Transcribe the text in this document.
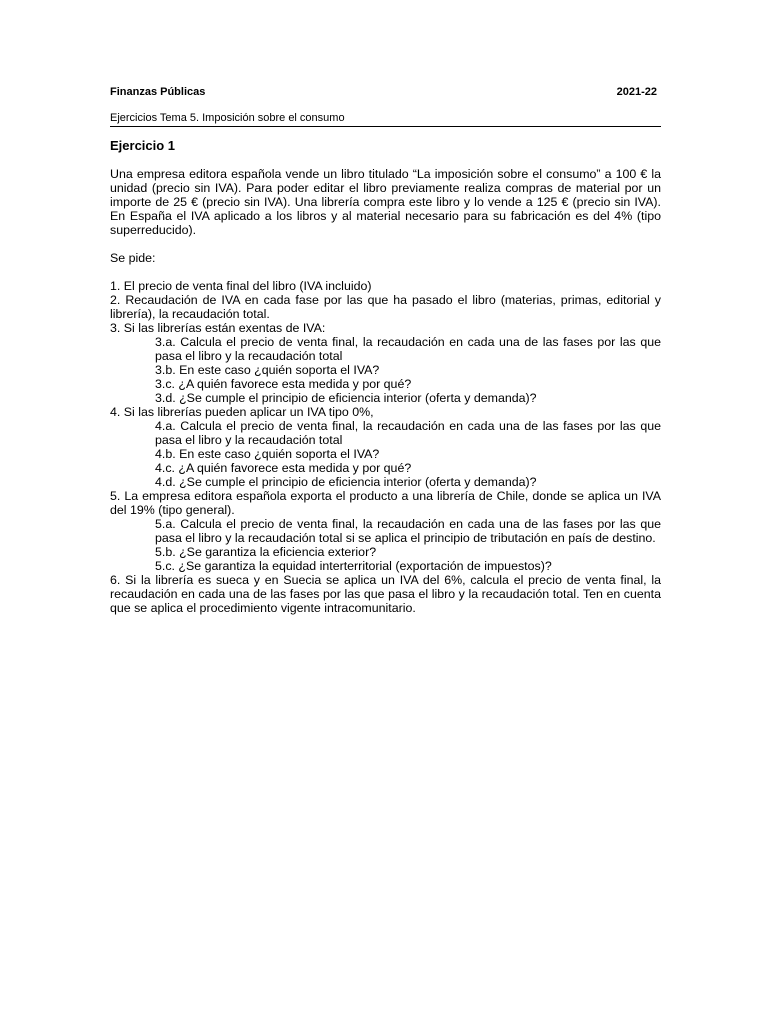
Finanzas Públicas	2021-22
Ejercicios Tema 5. Imposición sobre el consumo
Ejercicio 1
Una empresa editora española vende un libro titulado “La imposición sobre el consumo” a 100 € la unidad (precio sin IVA). Para poder editar el libro previamente realiza compras de material por un importe de 25 € (precio sin IVA). Una librería compra este libro y lo vende a 125 € (precio sin IVA). En España el IVA aplicado a los libros y al material necesario para su fabricación es del 4% (tipo superreducido).
Se pide:
1. El precio de venta final del libro (IVA incluido)
2. Recaudación de IVA en cada fase por las que ha pasado el libro (materias, primas, editorial y librería), la recaudación total.
3. Si las librerías están exentas de IVA:
3.a. Calcula el precio de venta final, la recaudación en cada una de las fases por las que pasa el libro y la recaudación total
3.b. En este caso ¿quién soporta el IVA?
3.c. ¿A quién favorece esta medida y por qué?
3.d. ¿Se cumple el principio de eficiencia interior (oferta y demanda)?
4. Si las librerías pueden aplicar un IVA tipo 0%,
4.a. Calcula el precio de venta final, la recaudación en cada una de las fases por las que pasa el libro y la recaudación total
4.b. En este caso ¿quién soporta el IVA?
4.c. ¿A quién favorece esta medida y por qué?
4.d. ¿Se cumple el principio de eficiencia interior (oferta y demanda)?
5. La empresa editora española exporta el producto a una librería de Chile, donde se aplica un IVA del 19% (tipo general).
5.a. Calcula el precio de venta final, la recaudación en cada una de las fases por las que pasa el libro y la recaudación total si se aplica el principio de tributación en país de destino.
5.b. ¿Se garantiza la eficiencia exterior?
5.c. ¿Se garantiza la equidad interterritorial (exportación de impuestos)?
6. Si la librería es sueca y en Suecia se aplica un IVA del 6%, calcula el precio de venta final, la recaudación en cada una de las fases por las que pasa el libro y la recaudación total. Ten en cuenta que se aplica el procedimiento vigente intracomunitario.
